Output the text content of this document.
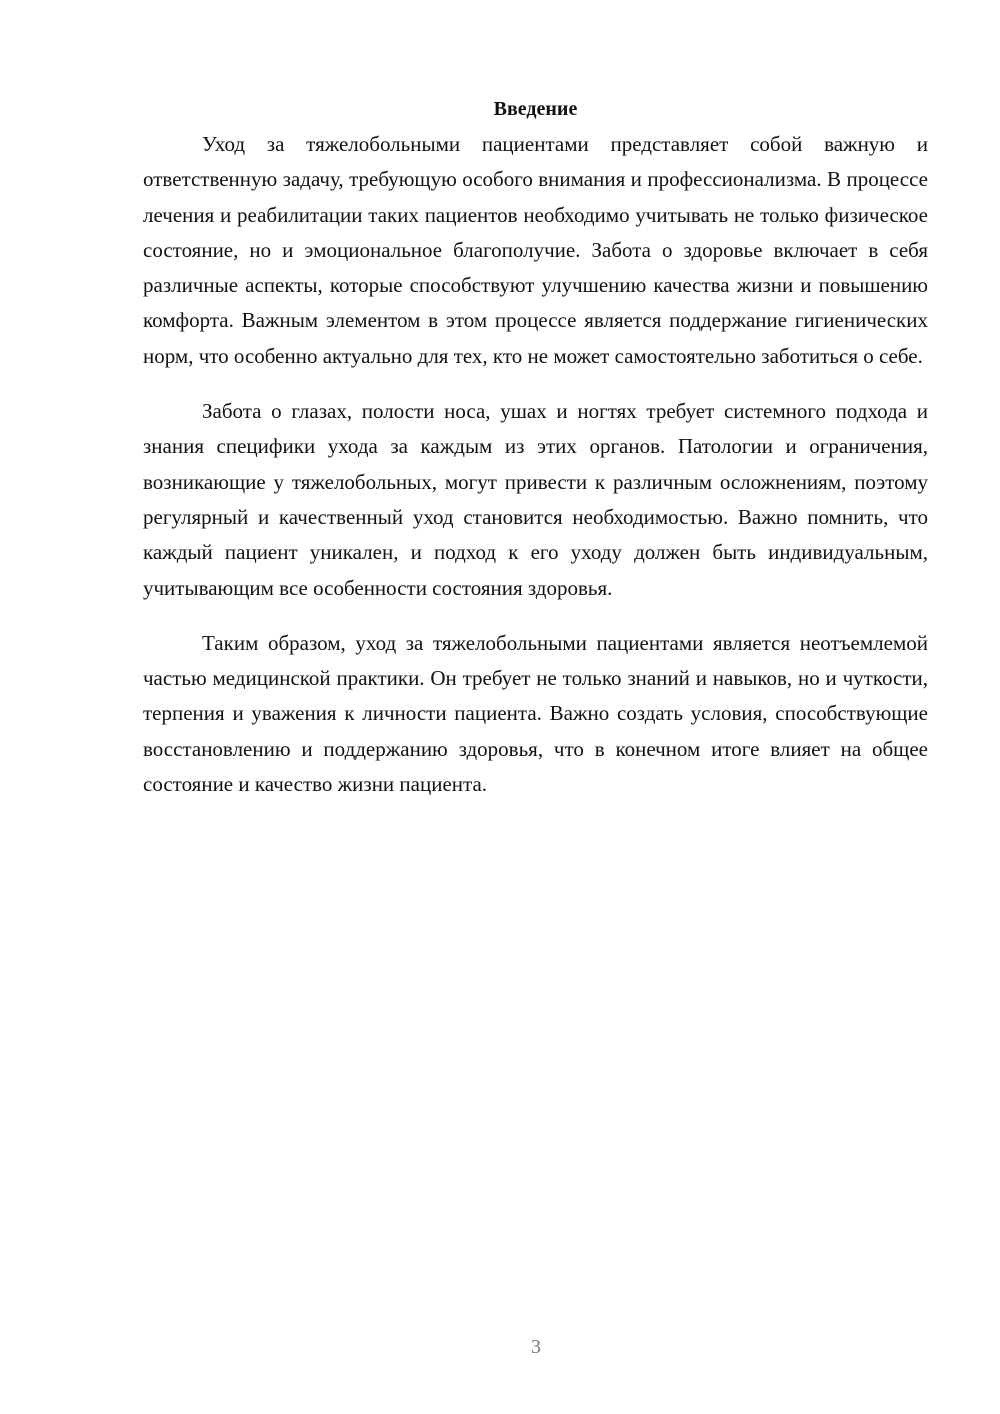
Введение

Уход за тяжелобольными пациентами представляет собой важную и ответственную задачу, требующую особого внимания и профессионализма. В процессе лечения и реабилитации таких пациентов необходимо учитывать не только физическое состояние, но и эмоциональное благополучие. Забота о здоровье включает в себя различные аспекты, которые способствуют улучшению качества жизни и повышению комфорта. Важным элементом в этом процессе является поддержание гигиенических норм, что особенно актуально для тех, кто не может самостоятельно заботиться о себе.

Забота о глазах, полости носа, ушах и ногтях требует системного подхода и знания специфики ухода за каждым из этих органов. Патологии и ограничения, возникающие у тяжелобольных, могут привести к различным осложнениям, поэтому регулярный и качественный уход становится необходимостью. Важно помнить, что каждый пациент уникален, и подход к его уходу должен быть индивидуальным, учитывающим все особенности состояния здоровья.

Таким образом, уход за тяжелобольными пациентами является неотъемлемой частью медицинской практики. Он требует не только знаний и навыков, но и чуткости, терпения и уважения к личности пациента. Важно создать условия, способствующие восстановлению и поддержанию здоровья, что в конечном итоге влияет на общее состояние и качество жизни пациента.

3
